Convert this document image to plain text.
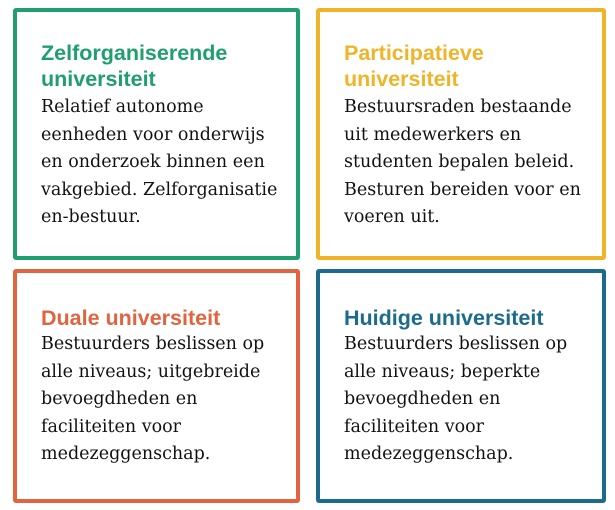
Zelforganiserende
universiteit
Relatief autonome
eenheden voor onderwijs
en onderzoek binnen een
vakgebied. Zelforganisatie
en-bestuur.
Participatieve
universiteit
Bestuursraden bestaande
uit medewerkers en
studenten bepalen beleid.
Besturen bereiden voor en
voeren uit.
Duale universiteit
Bestuurders beslissen op
alle niveaus; uitgebreide
bevoegdheden en
faciliteiten voor
medezeggenschap.
Huidige universiteit
Bestuurders beslissen op
alle niveaus; beperkte
bevoegdheden en
faciliteiten voor
medezeggenschap.
